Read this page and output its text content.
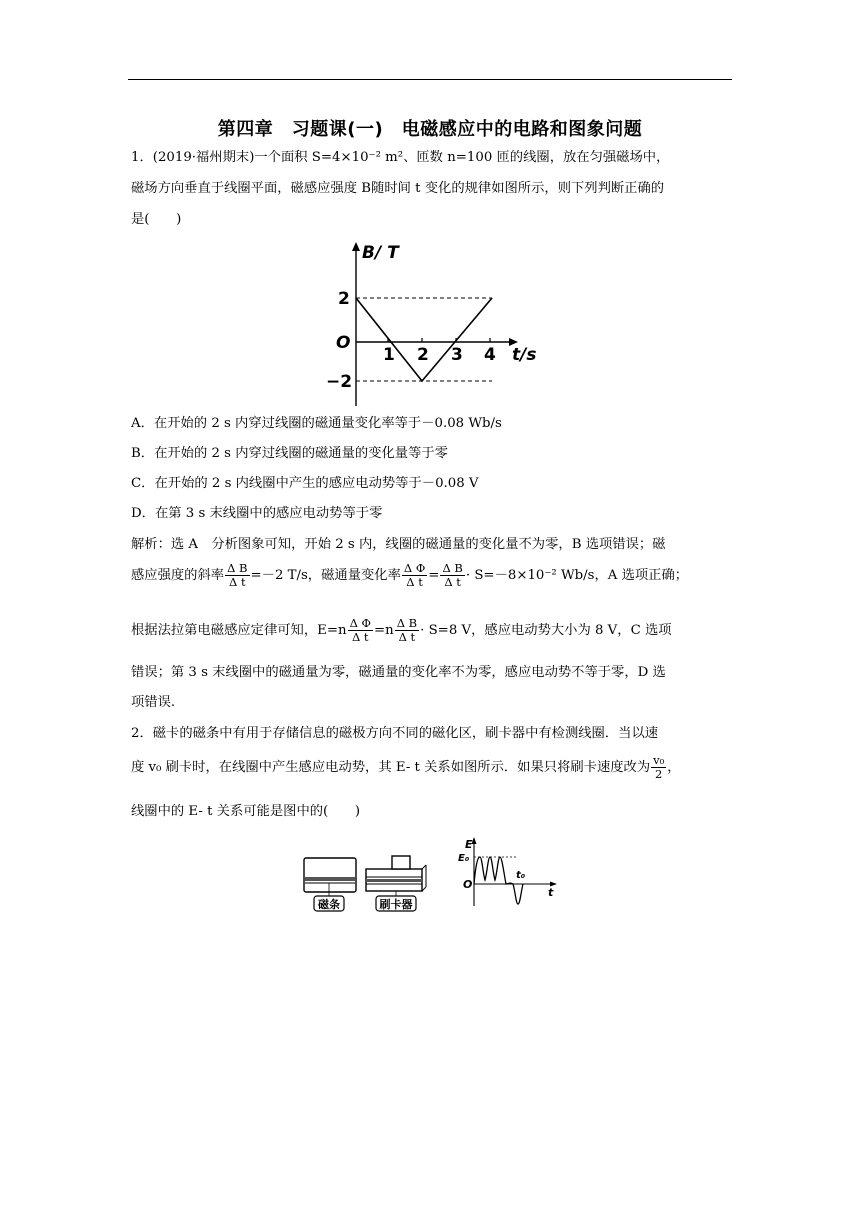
第四章　习题课(一)　电磁感应中的电路和图象问题
1．(2019·福州期末)一个面积 S=4×10⁻² m²、匝数 n=100 匝的线圈，放在匀强磁场中，
磁场方向垂直于线圈平面，磁感应强度 B随时间 t 变化的规律如图所示，则下列判断正确的
是(　　)
B/ T
2
O
−2
1 2 3 4 t/s
A．在开始的 2 s 内穿过线圈的磁通量变化率等于－0.08 Wb/s
B．在开始的 2 s 内穿过线圈的磁通量的变化量等于零
C．在开始的 2 s 内线圈中产生的感应电动势等于－0.08 V
D．在第 3 s 末线圈中的感应电动势等于零
解析：选 A　分析图象可知，开始 2 s 内，线圈的磁通量的变化量不为零，B 选项错误；磁
感应强度的斜率 $\frac{\text{Δ B}}{\text{Δ t}} =-2$ T/s，磁通量变化率 $\frac{\text{Δ Φ}}{\text{Δ t}} = \frac{\text{Δ B}}{\text{Δ t}} \cdot S=-8\times 10^{-2}$ Wb/s，A 选项正确；
根据法拉第电磁感应定律可知，$E=n \frac{\text{Δ Φ}}{\text{Δ t}} =n \frac{\text{Δ B}}{\text{Δ t}} \cdot S=8$ V，感应电动势大小为 8 V，C 选项
错误；第 3 s 末线圈中的磁通量为零，磁通量的变化率不为零，感应电动势不等于零，D 选
项错误.
2．磁卡的磁条中有用于存储信息的磁极方向不同的磁化区，刷卡器中有检测线圈．当以速
度 v₀ 刷卡时，在线圈中产生感应电动势，其 E- t 关系如图所示．如果只将刷卡速度改为 $\frac{\text{v₀}}{2}$ ，
线圈中的 E- t 关系可能是图中的(　　)
磁条	刷卡器
E
E₀
O
t₀
t
